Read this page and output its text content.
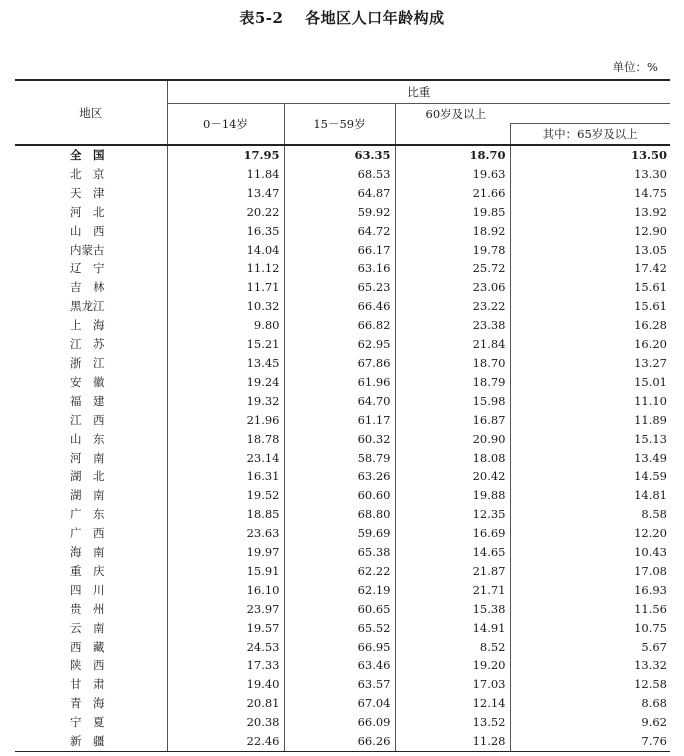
表5-2 各地区人口年龄构成
单位：%
地区	比重			
	0－14岁	15－59岁	60岁及以上	
				其中：65岁及以上
全　国	17.95	63.35	18.70	13.50
北　京	11.84	68.53	19.63	13.30
天　津	13.47	64.87	21.66	14.75
河　北	20.22	59.92	19.85	13.92
山　西	16.35	64.72	18.92	12.90
内蒙古	14.04	66.17	19.78	13.05
辽　宁	11.12	63.16	25.72	17.42
吉　林	11.71	65.23	23.06	15.61
黑龙江	10.32	66.46	23.22	15.61
上　海	9.80	66.82	23.38	16.28
江　苏	15.21	62.95	21.84	16.20
浙　江	13.45	67.86	18.70	13.27
安　徽	19.24	61.96	18.79	15.01
福　建	19.32	64.70	15.98	11.10
江　西	21.96	61.17	16.87	11.89
山　东	18.78	60.32	20.90	15.13
河　南	23.14	58.79	18.08	13.49
湖　北	16.31	63.26	20.42	14.59
湖　南	19.52	60.60	19.88	14.81
广　东	18.85	68.80	12.35	8.58
广　西	23.63	59.69	16.69	12.20
海　南	19.97	65.38	14.65	10.43
重　庆	15.91	62.22	21.87	17.08
四　川	16.10	62.19	21.71	16.93
贵　州	23.97	60.65	15.38	11.56
云　南	19.57	65.52	14.91	10.75
西　藏	24.53	66.95	8.52	5.67
陕　西	17.33	63.46	19.20	13.32
甘　肃	19.40	63.57	17.03	12.58
青　海	20.81	67.04	12.14	8.68
宁　夏	20.38	66.09	13.52	9.62
新　疆	22.46	66.26	11.28	7.76
